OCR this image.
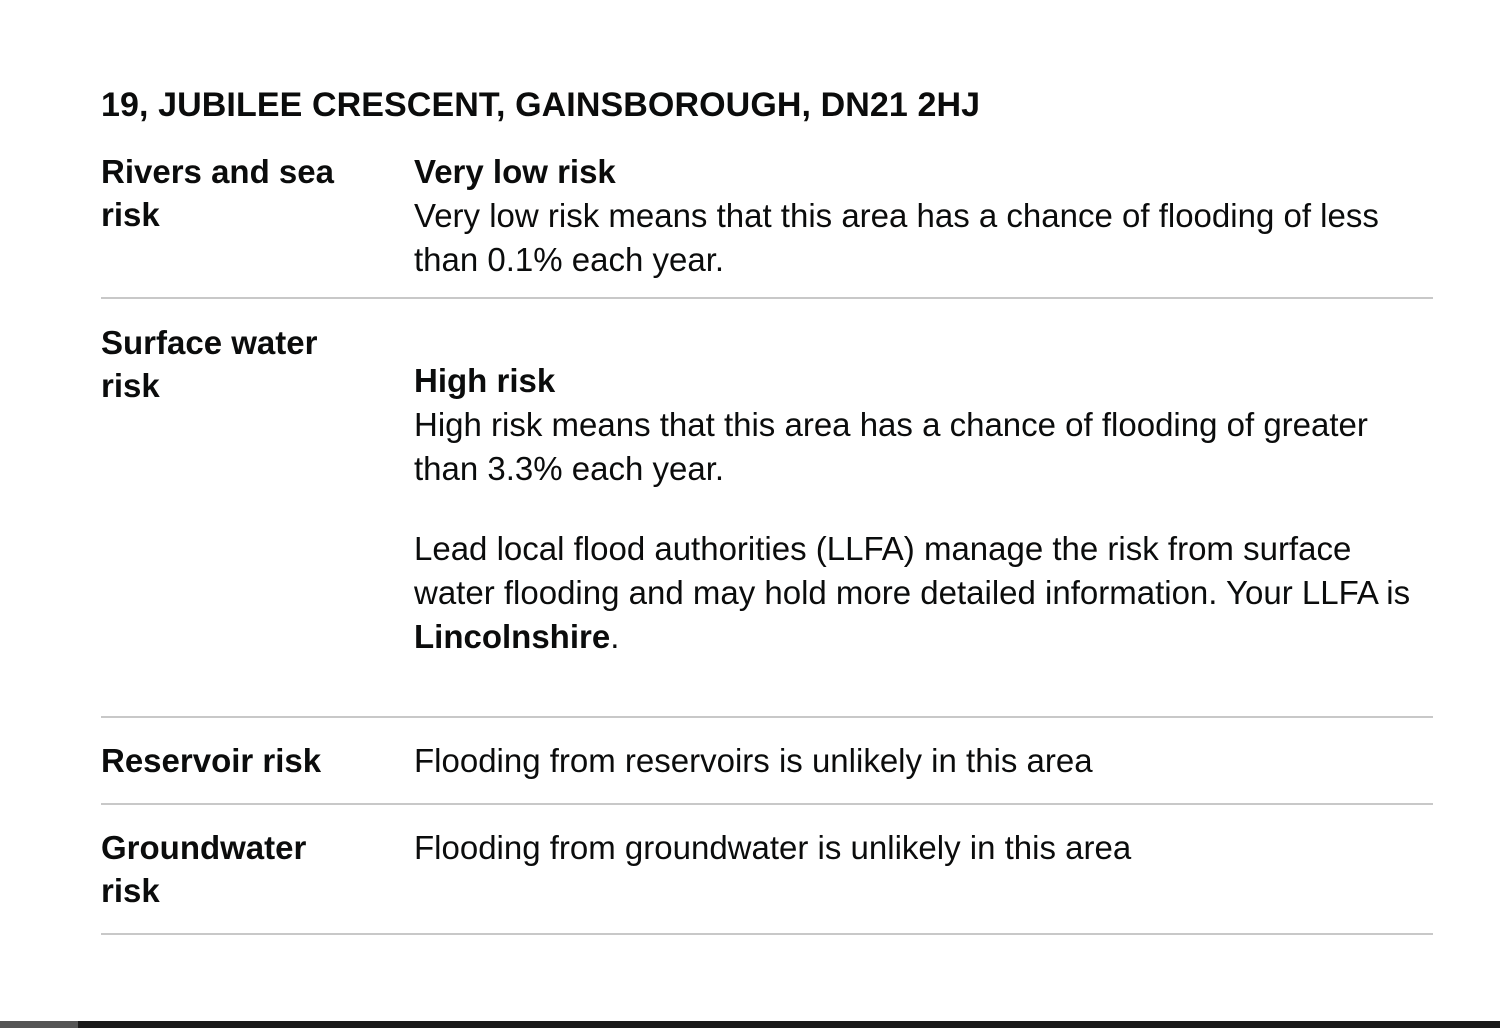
19, JUBILEE CRESCENT, GAINSBOROUGH, DN21 2HJ
Rivers and sea risk
Very low risk
Very low risk means that this area has a chance of flooding of less than 0.1% each year.
Surface water risk	High risk
High risk means that this area has a chance of flooding of greater than 3.3% each year.
Lead local flood authorities (LLFA) manage the risk from surface water flooding and may hold more detailed information. Your LLFA is Lincolnshire.
Reservoir risk	Flooding from reservoirs is unlikely in this area
Groundwater risk
Flooding from groundwater is unlikely in this area
